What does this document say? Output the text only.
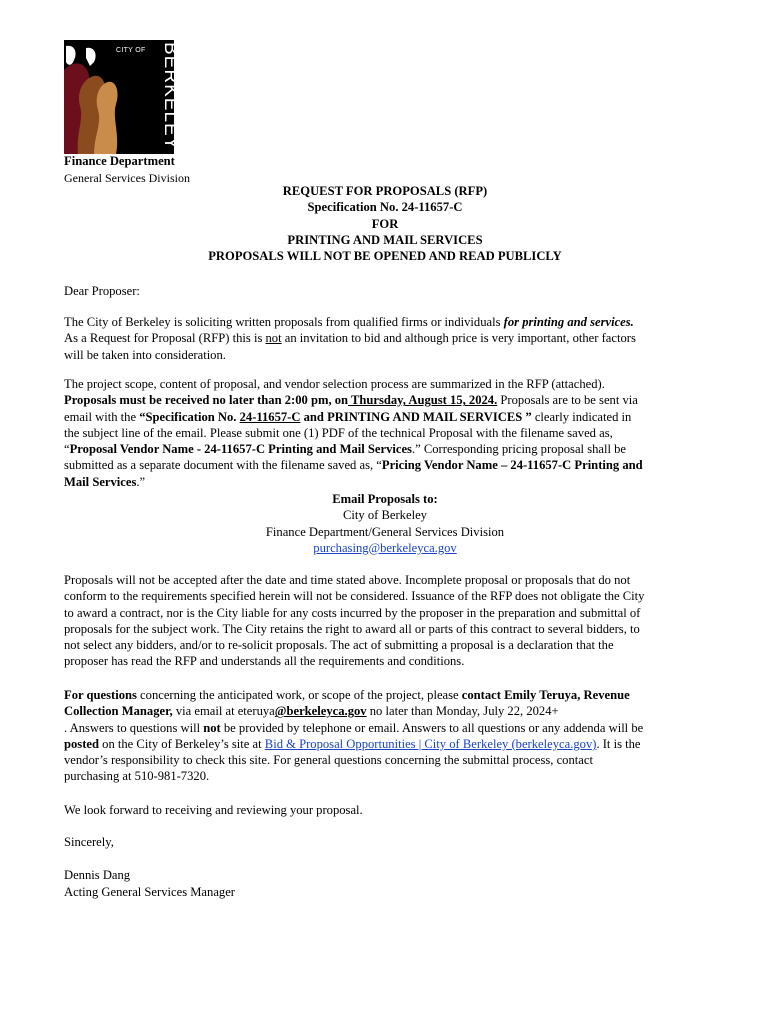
CITY OF BERKELEY
Finance Department
General Services Division
REQUEST FOR PROPOSALS (RFP)
Specification No. 24-11657-C
FOR
PRINTING AND MAIL SERVICES
PROPOSALS WILL NOT BE OPENED AND READ PUBLICLY
Dear Proposer:
The City of Berkeley is soliciting written proposals from qualified firms or individuals for printing and services.
As a Request for Proposal (RFP) this is not an invitation to bid and although price is very important, other factors
will be taken into consideration.
The project scope, content of proposal, and vendor selection process are summarized in the RFP (attached).
Proposals must be received no later than 2:00 pm, on Thursday, August 15, 2024. Proposals are to be sent via
email with the “Specification No. 24-11657-C and PRINTING AND MAIL SERVICES ” clearly indicated in
the subject line of the email. Please submit one (1) PDF of the technical Proposal with the filename saved as,
“Proposal Vendor Name - 24-11657-C Printing and Mail Services.” Corresponding pricing proposal shall be
submitted as a separate document with the filename saved as, “Pricing Vendor Name – 24-11657-C Printing and
Mail Services.”
Email Proposals to:
City of Berkeley
Finance Department/General Services Division
purchasing@berkeleyca.gov
Proposals will not be accepted after the date and time stated above. Incomplete proposal or proposals that do not
conform to the requirements specified herein will not be considered. Issuance of the RFP does not obligate the City
to award a contract, nor is the City liable for any costs incurred by the proposer in the preparation and submittal of
proposals for the subject work. The City retains the right to award all or parts of this contract to several bidders, to
not select any bidders, and/or to re-solicit proposals. The act of submitting a proposal is a declaration that the
proposer has read the RFP and understands all the requirements and conditions.
For questions concerning the anticipated work, or scope of the project, please contact Emily Teruya, Revenue
Collection Manager, via email at eteruya@berkeleyca.gov no later than Monday, July 22, 2024+
. Answers to questions will not be provided by telephone or email. Answers to all questions or any addenda will be
posted on the City of Berkeley’s site at Bid & Proposal Opportunities | City of Berkeley (berkeleyca.gov). It is the
vendor’s responsibility to check this site. For general questions concerning the submittal process, contact
purchasing at 510-981-7320.
We look forward to receiving and reviewing your proposal.
Sincerely,
Dennis Dang
Acting General Services Manager
